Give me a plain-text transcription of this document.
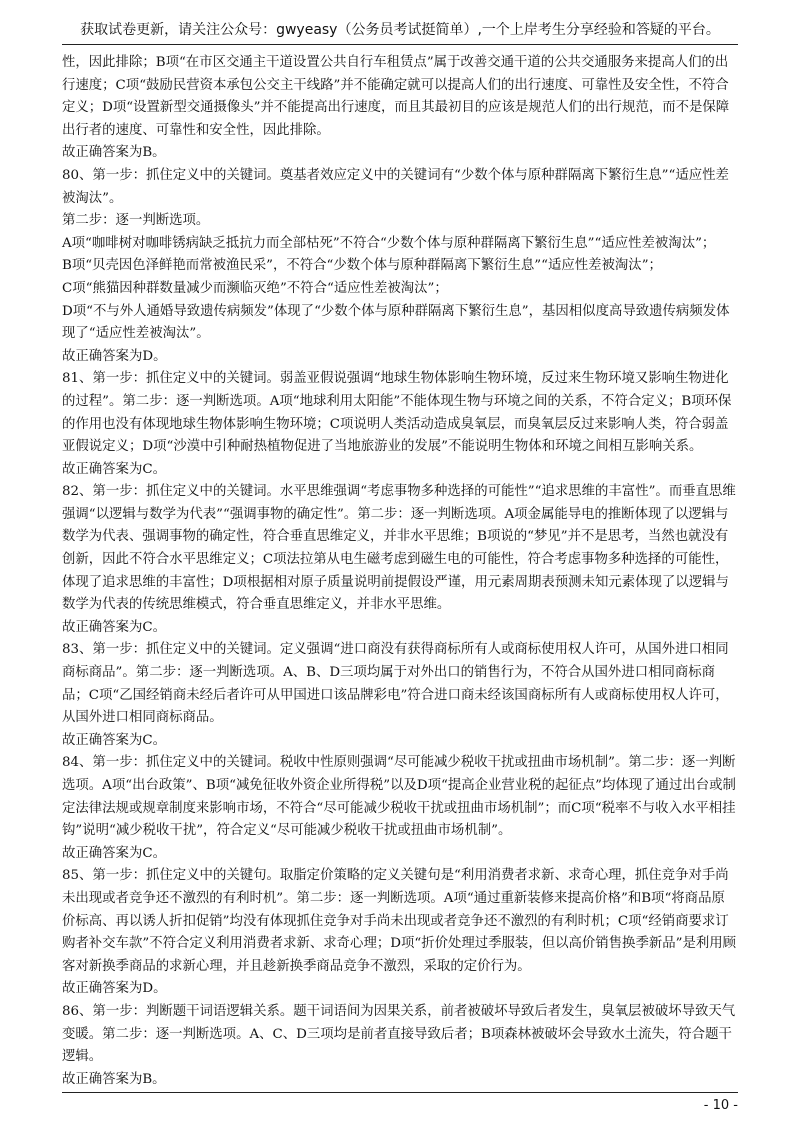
获取试卷更新，请关注公众号：gwyeasy（公务员考试挺简单）,一个上岸考生分享经验和答疑的平台。

性，因此排除；B项“在市区交通主干道设置公共自行车租赁点”属于改善交通干道的公共交通服务来提高人们的出行速度；C项“鼓励民营资本承包公交主干线路”并不能确定就可以提高人们的出行速度、可靠性及安全性，不符合定义；D项“设置新型交通摄像头”并不能提高出行速度，而且其最初目的应该是规范人们的出行规范，而不是保障出行者的速度、可靠性和安全性，因此排除。

故正确答案为B。

80、第一步：抓住定义中的关键词。奠基者效应定义中的关键词有“少数个体与原种群隔离下繁衍生息”“适应性差被淘汰”。

第二步：逐一判断选项。

A项“咖啡树对咖啡锈病缺乏抵抗力而全部枯死”不符合“少数个体与原种群隔离下繁衍生息”“适应性差被淘汰”；

B项“贝壳因色泽鲜艳而常被渔民采”，不符合“少数个体与原种群隔离下繁衍生息”“适应性差被淘汰”；

C项“熊猫因种群数量减少而濒临灭绝”不符合“适应性差被淘汰”；

D项“不与外人通婚导致遗传病频发”体现了“少数个体与原种群隔离下繁衍生息”，基因相似度高导致遗传病频发体现了“适应性差被淘汰”。

故正确答案为D。

81、第一步：抓住定义中的关键词。弱盖亚假说强调“地球生物体影响生物环境，反过来生物环境又影响生物进化的过程”。第二步：逐一判断选项。A项“地球利用太阳能”不能体现生物与环境之间的关系，不符合定义；B项环保的作用也没有体现地球生物体影响生物环境；C项说明人类活动造成臭氧层，而臭氧层反过来影响人类，符合弱盖亚假说定义；D项“沙漠中引种耐热植物促进了当地旅游业的发展”不能说明生物体和环境之间相互影响关系。

故正确答案为C。

82、第一步：抓住定义中的关键词。水平思维强调“考虑事物多种选择的可能性”“追求思维的丰富性”。而垂直思维强调“以逻辑与数学为代表”“强调事物的确定性”。第二步：逐一判断选项。A项金属能导电的推断体现了以逻辑与数学为代表、强调事物的确定性，符合垂直思维定义，并非水平思维；B项说的“梦见”并不是思考，当然也就没有创新，因此不符合水平思维定义；C项法拉第从电生磁考虑到磁生电的可能性，符合考虑事物多种选择的可能性，体现了追求思维的丰富性；D项根据相对原子质量说明前提假设严谨，用元素周期表预测未知元素体现了以逻辑与数学为代表的传统思维模式，符合垂直思维定义，并非水平思维。

故正确答案为C。

83、第一步：抓住定义中的关键词。定义强调“进口商没有获得商标所有人或商标使用权人许可，从国外进口相同商标商品”。第二步：逐一判断选项。A、B、D三项均属于对外出口的销售行为，不符合从国外进口相同商标商品；C项“乙国经销商未经后者许可从甲国进口该品牌彩电”符合进口商未经该国商标所有人或商标使用权人许可，从国外进口相同商标商品。

故正确答案为C。

84、第一步：抓住定义中的关键词。税收中性原则强调“尽可能减少税收干扰或扭曲市场机制”。第二步：逐一判断选项。A项“出台政策”、B项“减免征收外资企业所得税”以及D项“提高企业营业税的起征点”均体现了通过出台或制定法律法规或规章制度来影响市场，不符合“尽可能减少税收干扰或扭曲市场机制”；而C项“税率不与收入水平相挂钩”说明“减少税收干扰”，符合定义“尽可能减少税收干扰或扭曲市场机制”。

故正确答案为C。

85、第一步：抓住定义中的关键句。取脂定价策略的定义关键句是“利用消费者求新、求奇心理，抓住竞争对手尚未出现或者竞争还不激烈的有利时机”。第二步：逐一判断选项。A项“通过重新装修来提高价格”和B项“将商品原价标高、再以诱人折扣促销”均没有体现抓住竞争对手尚未出现或者竞争还不激烈的有利时机；C项“经销商要求订购者补交车款”不符合定义利用消费者求新、求奇心理；D项“折价处理过季服装，但以高价销售换季新品”是利用顾客对新换季商品的求新心理，并且趁新换季商品竞争不激烈，采取的定价行为。

故正确答案为D。

86、第一步：判断题干词语逻辑关系。题干词语间为因果关系，前者被破坏导致后者发生，臭氧层被破坏导致天气变暖。第二步：逐一判断选项。A、C、D三项均是前者直接导致后者；B项森林被破坏会导致水土流失，符合题干逻辑。

故正确答案为B。

- 10 -
